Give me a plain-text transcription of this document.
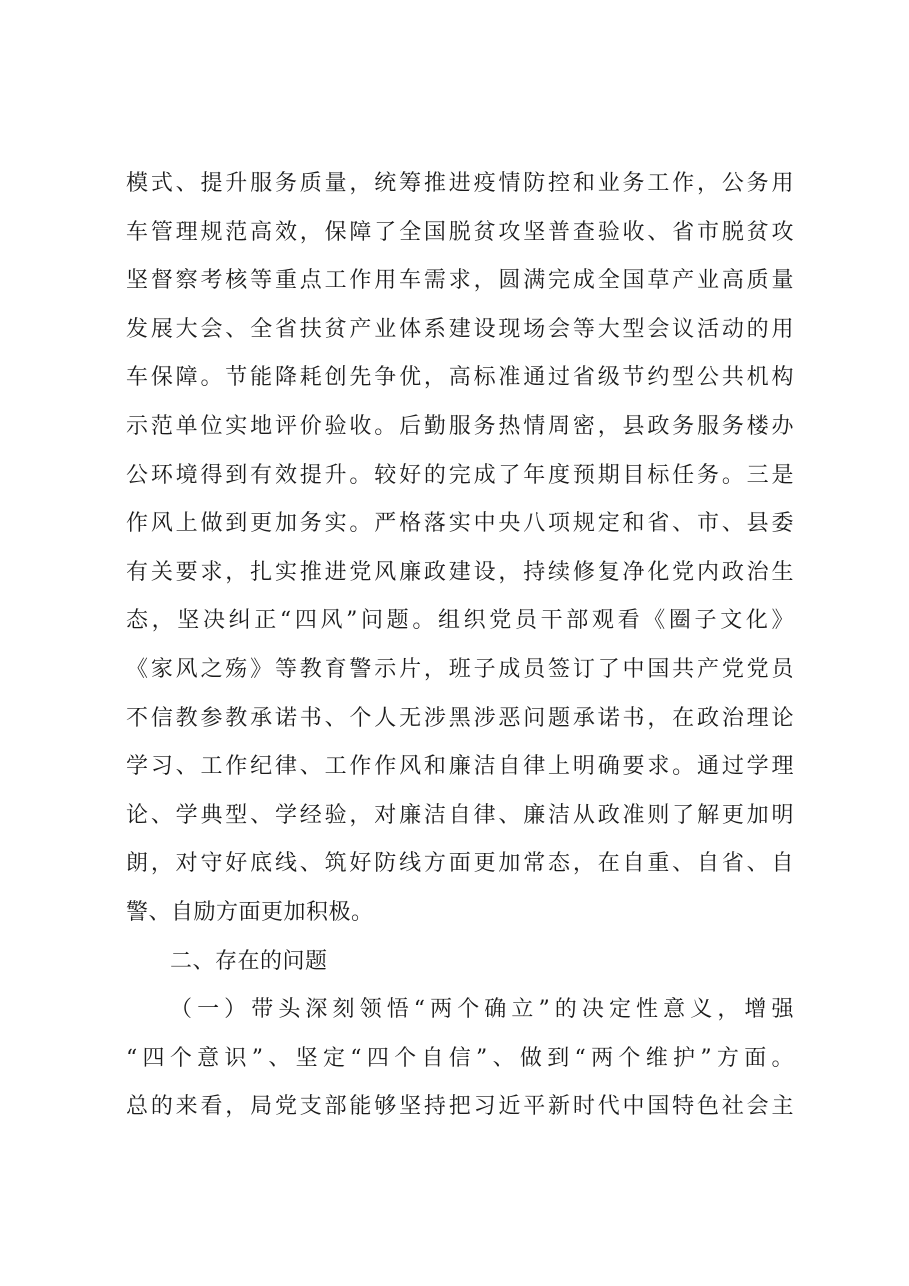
模式、提升服务质量，统筹推进疫情防控和业务工作，公务用
车管理规范高效，保障了全国脱贫攻坚普查验收、省市脱贫攻
坚督察考核等重点工作用车需求，圆满完成全国草产业高质量
发展大会、全省扶贫产业体系建设现场会等大型会议活动的用
车保障。节能降耗创先争优，高标准通过省级节约型公共机构
示范单位实地评价验收。后勤服务热情周密，县政务服务楼办
公环境得到有效提升。较好的完成了年度预期目标任务。三是
作风上做到更加务实。严格落实中央八项规定和省、市、县委
有关要求，扎实推进党风廉政建设，持续修复净化党内政治生
态，坚决纠正“四风”问题。组织党员干部观看《圈子文化》
《家风之殇》等教育警示片，班子成员签订了中国共产党党员
不信教参教承诺书、个人无涉黑涉恶问题承诺书，在政治理论
学习、工作纪律、工作作风和廉洁自律上明确要求。通过学理
论、学典型、学经验，对廉洁自律、廉洁从政准则了解更加明
朗，对守好底线、筑好防线方面更加常态，在自重、自省、自
警、自励方面更加积极。
二、存在的问题
（一）带头深刻领悟“两个确立”的决定性意义，增强
“四个意识”、坚定“四个自信”、做到“两个维护”方面。
总的来看，局党支部能够坚持把习近平新时代中国特色社会主
